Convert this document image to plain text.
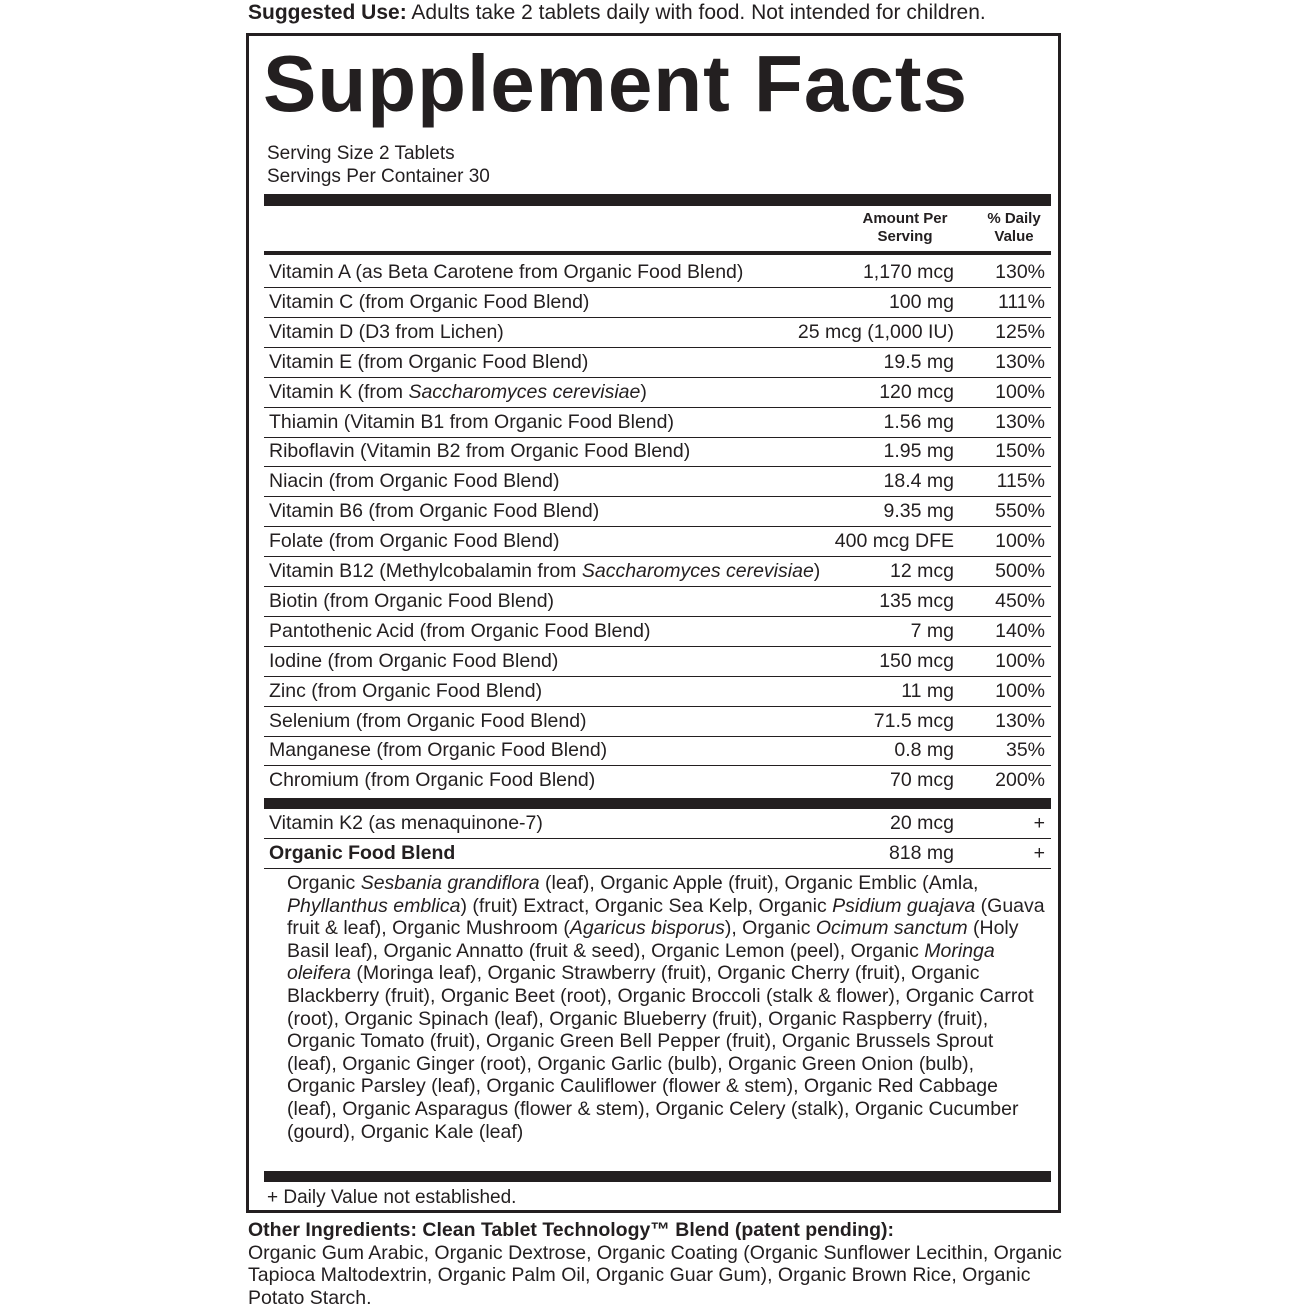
Suggested Use: Adults take 2 tablets daily with food. Not intended for children.
Supplement Facts
Serving Size 2 Tablets
Servings Per Container 30
Amount Per
Serving
% Daily
Value
Vitamin A (as Beta Carotene from Organic Food Blend)	1,170 mcg 130%
Vitamin C (from Organic Food Blend)	100 mg 111%
Vitamin D (D3 from Lichen)	25 mcg (1,000 IU) 125%
Vitamin E (from Organic Food Blend)	19.5 mg 130%
Vitamin K (from Saccharomyces cerevisiae)	120 mcg 100%
Thiamin (Vitamin B1 from Organic Food Blend)	1.56 mg 130%
Riboflavin (Vitamin B2 from Organic Food Blend)	1.95 mg 150%
Niacin (from Organic Food Blend)	18.4 mg 115%
Vitamin B6 (from Organic Food Blend)	9.35 mg 550%
Folate (from Organic Food Blend)	400 mcg DFE 100%
Vitamin B12 (Methylcobalamin from Saccharomyces cerevisiae)	12 mcg 500%
Biotin (from Organic Food Blend)	135 mcg 450%
Pantothenic Acid (from Organic Food Blend)	7 mg 140%
Iodine (from Organic Food Blend)	150 mcg 100%
Zinc (from Organic Food Blend)	11 mg 100%
Selenium (from Organic Food Blend)	71.5 mcg 130%
Manganese (from Organic Food Blend)	0.8 mg	35%
Chromium (from Organic Food Blend)	70 mcg 200%
Vitamin K2 (as menaquinone-7)	20 mcg	+
Organic Food Blend	818 mg	+
Organic Sesbania grandiflora (leaf), Organic Apple (fruit), Organic Emblic (Amla, Phyllanthus emblica) (fruit) Extract, Organic Sea Kelp, Organic Psidium guajava (Guava fruit & leaf), Organic Mushroom (Agaricus bisporus), Organic Ocimum sanctum (Holy Basil leaf), Organic Annatto (fruit & seed), Organic Lemon (peel), Organic Moringa oleifera (Moringa leaf), Organic Strawberry (fruit), Organic Cherry (fruit), Organic Blackberry (fruit), Organic Beet (root), Organic Broccoli (stalk & flower), Organic Carrot (root), Organic Spinach (leaf), Organic Blueberry (fruit), Organic Raspberry (fruit), Organic Tomato (fruit), Organic Green Bell Pepper (fruit), Organic Brussels Sprout (leaf), Organic Ginger (root), Organic Garlic (bulb), Organic Green Onion (bulb), Organic Parsley (leaf), Organic Cauliflower (flower & stem), Organic Red Cabbage (leaf), Organic Asparagus (flower & stem), Organic Celery (stalk), Organic Cucumber (gourd), Organic Kale (leaf)
+ Daily Value not established.
Other Ingredients: Clean Tablet Technology™ Blend (patent pending):
Organic Gum Arabic, Organic Dextrose, Organic Coating (Organic Sunflower Lecithin, Organic Tapioca Maltodextrin, Organic Palm Oil, Organic Guar Gum), Organic Brown Rice, Organic Potato Starch.
